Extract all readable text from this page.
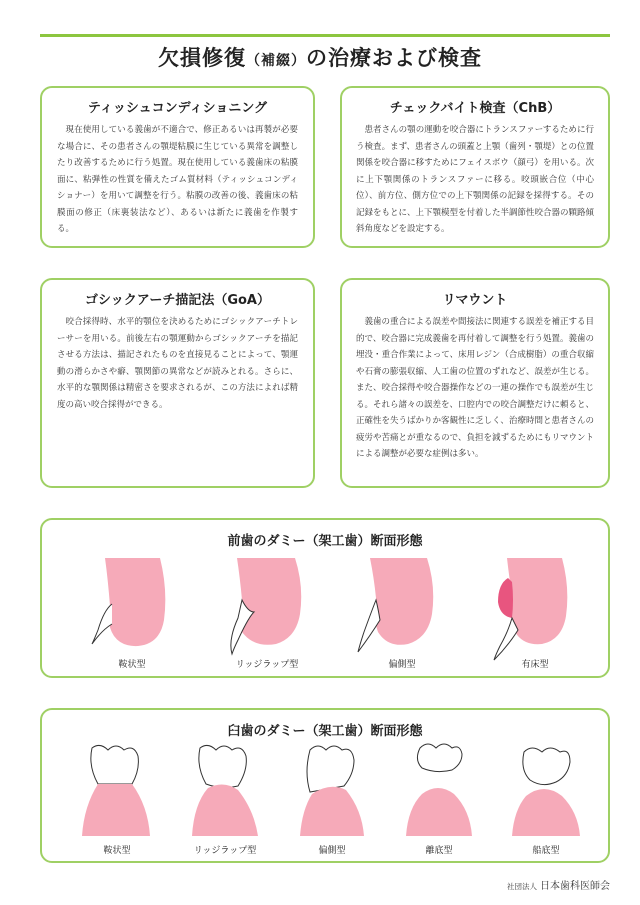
欠損修復（補綴）の治療および検査
ティッシュコンディショニング

現在使用している義歯が不適合で、修正あるいは再製が必要な場合に、その患者さんの顎堤粘膜に生じている異常を調整したり改善するために行う処置。現在使用している義歯床の粘膜面に、粘弾性の性質を備えたゴム質材料（ティッシュコンディショナー）を用いて調整を行う。粘膜の改善の後、義歯床の粘膜面の修正（床裏装法など）、あるいは新たに義歯を作製する。

チェックバイト検査（ChB）

患者さんの顎の運動を咬合器にトランスファーするために行う検査。まず、患者さんの頭蓋と上顎（歯列・顎堤）との位置関係を咬合器に移すためにフェイスボウ（顔弓）を用いる。次に上下顎関係のトランスファーに移る。咬頭嵌合位（中心位）、前方位、側方位での上下顎関係の記録を採得する。その記録をもとに、上下顎模型を付着した半調節性咬合器の顆路傾斜角度などを設定する。

ゴシックアーチ描記法（GoA）

咬合採得時、水平的顎位を決めるためにゴシックアーチトレーサーを用いる。前後左右の顎運動からゴシックアーチを描記させる方法は、描記されたものを直接見ることによって、顎運動の滑らかさや癖、顎関節の異常などが読みとれる。さらに、水平的な顎関係は精密さを要求されるが、この方法によれば精度の高い咬合採得ができる。

リマウント

義歯の重合による誤差や間接法に関連する誤差を補正する目的で、咬合器に完成義歯を再付着して調整を行う処置。義歯の埋没・重合作業によって、床用レジン（合成樹脂）の重合収縮や石膏の膨張収縮、人工歯の位置のずれなど、誤差が生じる。また、咬合採得や咬合器操作などの一連の操作でも誤差が生じる。それら諸々の誤差を、口腔内での咬合調整だけに頼ると、正確性を失うばかりか客観性に乏しく、治療時間と患者さんの疲労や苦痛とが重なるので、負担を減ずるためにもリマウントによる調整が必要な症例は多い。

前歯のダミー（架工歯）断面形態
鞍状型	リッジラップ型	偏側型	有床型
臼歯のダミー（架工歯）断面形態
鞍状型	リッジラップ型	偏側型	離底型	船底型
社団法人 日本歯科医師会
